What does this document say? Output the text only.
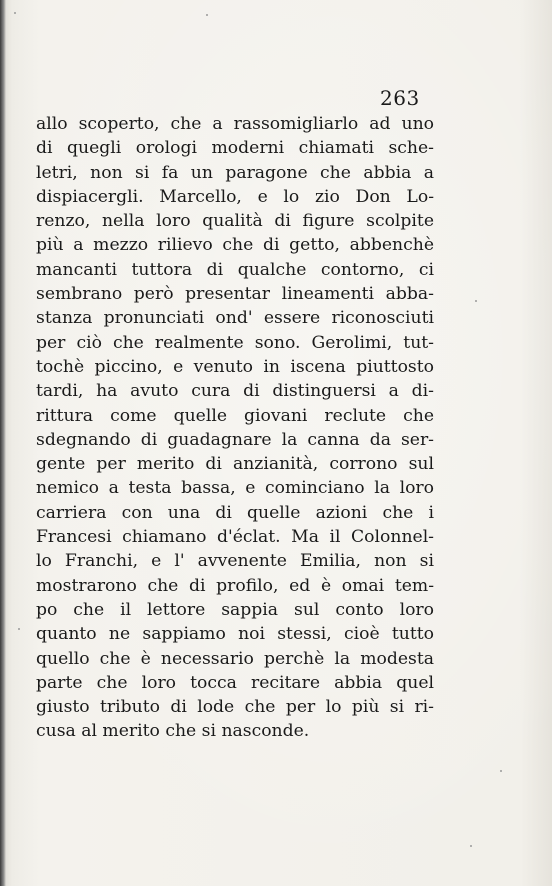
263
allo scoperto, che a rassomigliarlo ad uno
di quegli orologi moderni chiamati sche-
letri, non si fa un paragone che abbia a
dispiacergli. Marcello, e lo zio Don Lo-
renzo, nella loro qualità di figure scolpite
più a mezzo rilievo che di getto, abbenchè
mancanti tuttora di qualche contorno, ci
sembrano però presentar lineamenti abba-
stanza pronunciati ond' essere riconosciuti
per ciò che realmente sono. Gerolimi, tut-
tochè piccino, e venuto in iscena piuttosto
tardi, ha avuto cura di distinguersi a di-
rittura come quelle giovani reclute che
sdegnando di guadagnare la canna da ser-
gente per merito di anzianità, corrono sul
nemico a testa bassa, e cominciano la loro
carriera con una di quelle azioni che i
Francesi chiamano d'éclat. Ma il Colonnel-
lo Franchi, e l' avvenente Emilia, non si
mostrarono che di profilo, ed è omai tem-
po che il lettore sappia sul conto loro
quanto ne sappiamo noi stessi, cioè tutto
quello che è necessario perchè la modesta
parte che loro tocca recitare abbia quel
giusto tributo di lode che per lo più si ri-
cusa al merito che si nasconde.
